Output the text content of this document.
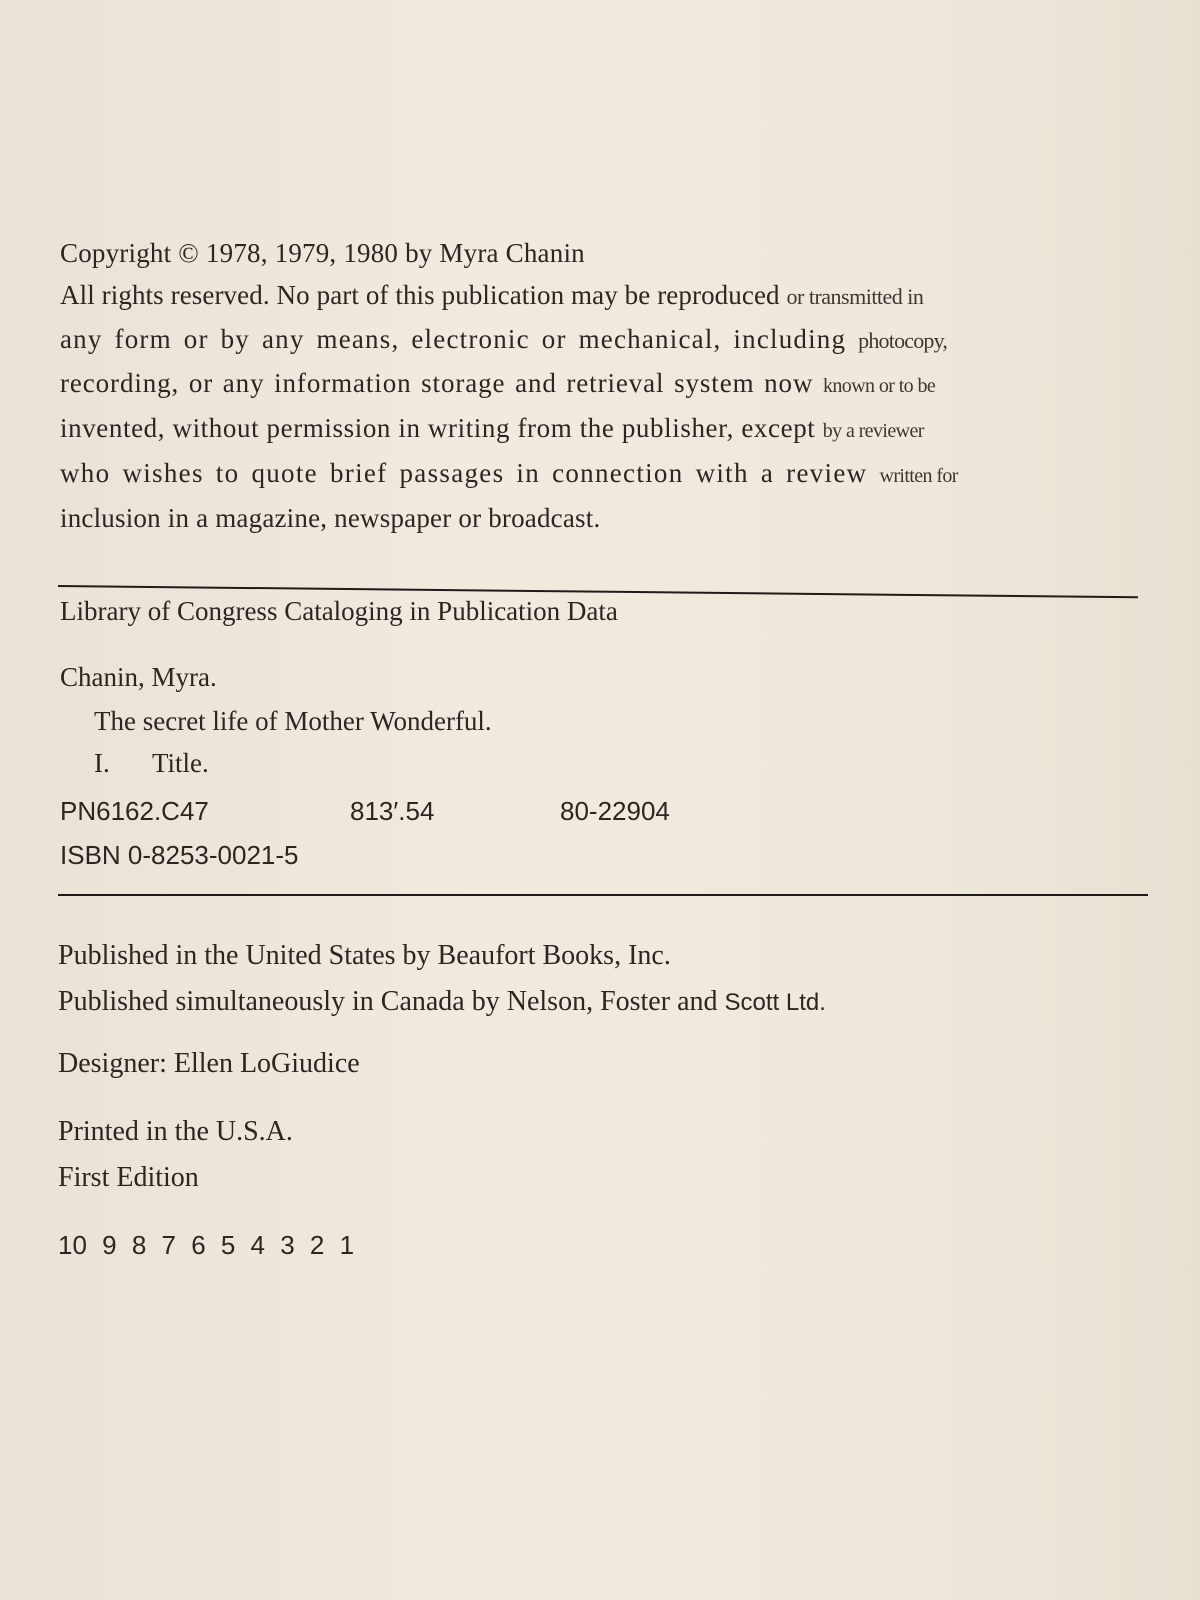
Copyright © 1978, 1979, 1980 by Myra Chanin
All rights reserved. No part of this publication may be reproduced or transmitted in
any form or by any means, electronic or mechanical, including photocopy,
recording, or any information storage and retrieval system now known or to be
invented, without permission in writing from the publisher, except by a reviewer
who wishes to quote brief passages in connection with a review written for
inclusion in a magazine, newspaper or broadcast.
Library of Congress Cataloging in Publication Data
Chanin, Myra.
The secret life of Mother Wonderful.
I. Title.
PN6162.C47	813′.54	80-22904
ISBN 0-8253-0021-5
Published in the United States by Beaufort Books, Inc.
Published simultaneously in Canada by Nelson, Foster and Scott Ltd.
Designer: Ellen LoGiudice
Printed in the U.S.A.
First Edition
10 9 8 7 6 5 4 3 2 1
